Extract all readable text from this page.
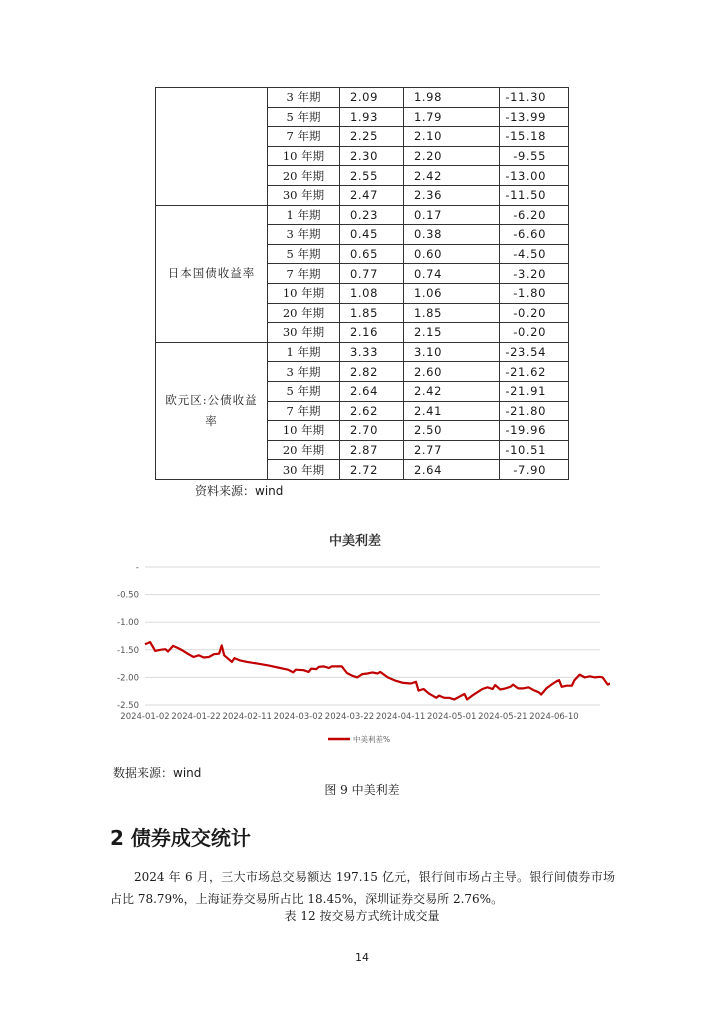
	3 年期	2.09	1.98	-11.30
	5 年期	1.93	1.79	-13.99
	7 年期	2.25	2.10	-15.18
	10 年期	2.30	2.20	-9.55
	20 年期	2.55	2.42	-13.00
	30 年期	2.47	2.36	-11.50
日本国债收益率	1 年期	0.23	0.17	-6.20
	3 年期	0.45	0.38	-6.60
	5 年期	0.65	0.60	-4.50
	7 年期	0.77	0.74	-3.20
	10 年期	1.08	1.06	-1.80
	20 年期	1.85	1.85	-0.20
	30 年期	2.16	2.15	-0.20
欧元区:公债收益率	1 年期	3.33	3.10	-23.54
	3 年期	2.82	2.60	-21.62
	5 年期	2.64	2.42	-21.91
	7 年期	2.62	2.41	-21.80
	10 年期	2.70	2.50	-19.96
	20 年期	2.87	2.77	-10.51
	30 年期	2.72	2.64	-7.90
资料来源：wind
中美利差
-
-0.50
-1.00
-1.50
-2.00
-2.50
2024-01-02 2024-01-22 2024-02-11 2024-03-02 2024-03-22 2024-04-11 2024-05-01 2024-05-21 2024-06-10
中美利差%
数据来源：wind
图 9 中美利差
2 债券成交统计

2024 年 6 月，三大市场总交易额达 197.15 亿元，银行间市场占主导。银行间债券市场占比 78.79%，上海证券交易所占比 18.45%，深圳证券交易所 2.76%。

表 12 按交易方式统计成交量
14
